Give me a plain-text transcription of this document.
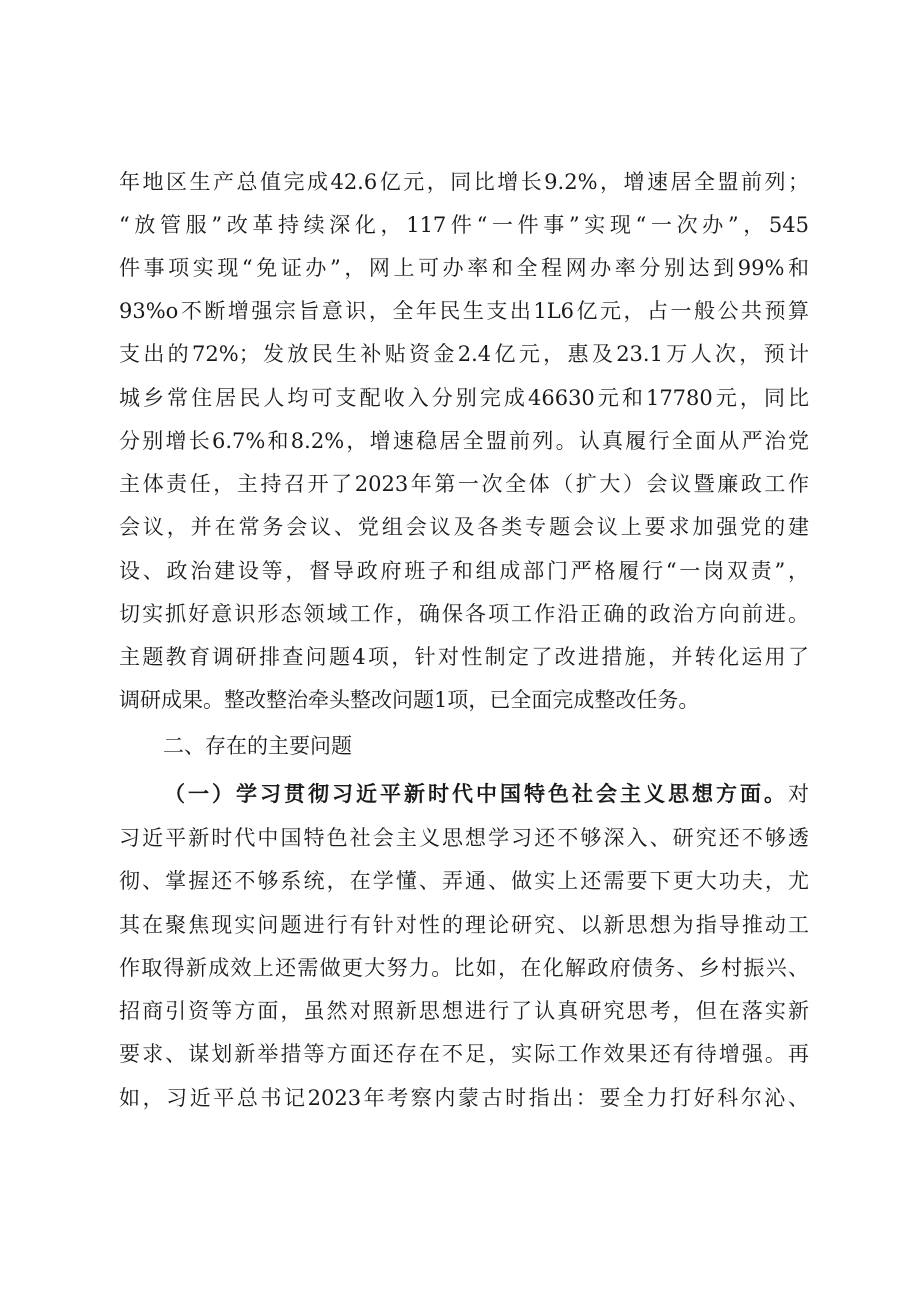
年地区生产总值完成42.6亿元，同比增长9.2%，增速居全盟前列；
“放管服”改革持续深化，117件“一件事”实现“一次办”，545
件事项实现“免证办”，网上可办率和全程网办率分别达到99%和
93%o不断增强宗旨意识，全年民生支出1L6亿元，占一般公共预算
支出的72%；发放民生补贴资金2.4亿元，惠及23.1万人次，预计
城乡常住居民人均可支配收入分别完成46630元和17780元，同比
分别增长6.7%和8.2%，增速稳居全盟前列。认真履行全面从严治党
主体责任，主持召开了2023年第一次全体（扩大）会议暨廉政工作
会议，并在常务会议、党组会议及各类专题会议上要求加强党的建
设、政治建设等，督导政府班子和组成部门严格履行“一岗双责”，
切实抓好意识形态领域工作，确保各项工作沿正确的政治方向前进。
主题教育调研排查问题4项，针对性制定了改进措施，并转化运用了
调研成果。整改整治牵头整改问题1项，已全面完成整改任务。
二、存在的主要问题
（一）学习贯彻习近平新时代中国特色社会主义思想方面。对
习近平新时代中国特色社会主义思想学习还不够深入、研究还不够透
彻、掌握还不够系统，在学懂、弄通、做实上还需要下更大功夫，尤
其在聚焦现实问题进行有针对性的理论研究、以新思想为指导推动工
作取得新成效上还需做更大努力。比如，在化解政府债务、乡村振兴、
招商引资等方面，虽然对照新思想进行了认真研究思考，但在落实新
要求、谋划新举措等方面还存在不足，实际工作效果还有待增强。再
如，习近平总书记2023年考察内蒙古时指出：要全力打好科尔沁、
